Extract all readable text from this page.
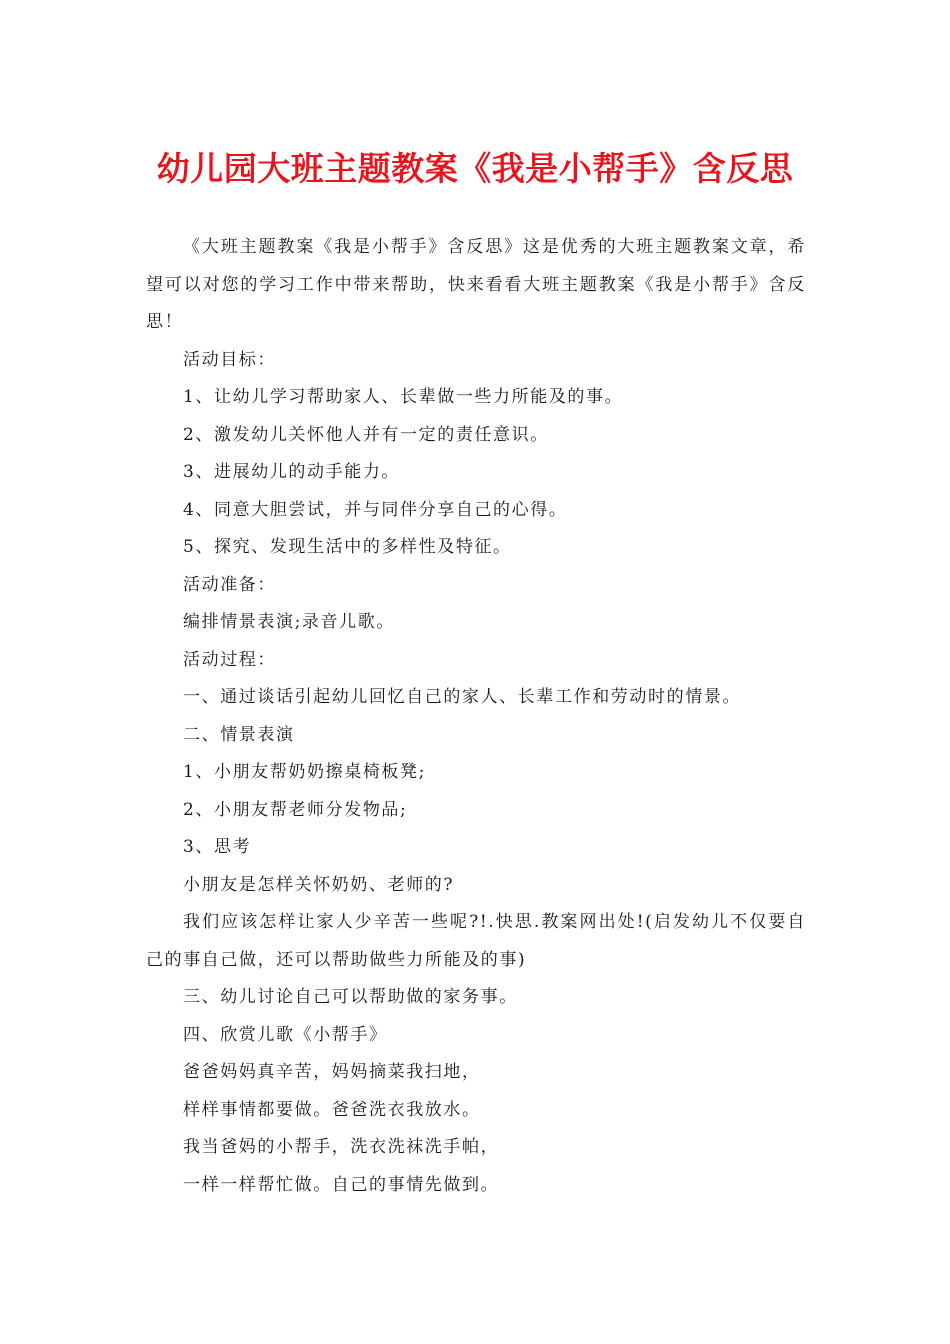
幼儿园大班主题教案《我是小帮手》含反思

《大班主题教案《我是小帮手》含反思》这是优秀的大班主题教案文章，希望可以对您的学习工作中带来帮助，快来看看大班主题教案《我是小帮手》含反思！

活动目标：

1、让幼儿学习帮助家人、长辈做一些力所能及的事。

2、激发幼儿关怀他人并有一定的责任意识。

3、进展幼儿的动手能力。

4、同意大胆尝试，并与同伴分享自己的心得。

5、探究、发现生活中的多样性及特征。

活动准备：

编排情景表演;录音儿歌。

活动过程：

一、通过谈话引起幼儿回忆自己的家人、长辈工作和劳动时的情景。

二、情景表演

1、小朋友帮奶奶擦桌椅板凳;

2、小朋友帮老师分发物品;

3、思考

小朋友是怎样关怀奶奶、老师的?

我们应该怎样让家人少辛苦一些呢?!.快思.教案网出处!(启发幼儿不仅要自己的事自己做，还可以帮助做些力所能及的事)

三、幼儿讨论自己可以帮助做的家务事。

四、欣赏儿歌《小帮手》

爸爸妈妈真辛苦，妈妈摘菜我扫地，

样样事情都要做。爸爸洗衣我放水。

我当爸妈的小帮手，洗衣洗袜洗手帕，

一样一样帮忙做。自己的事情先做到。
